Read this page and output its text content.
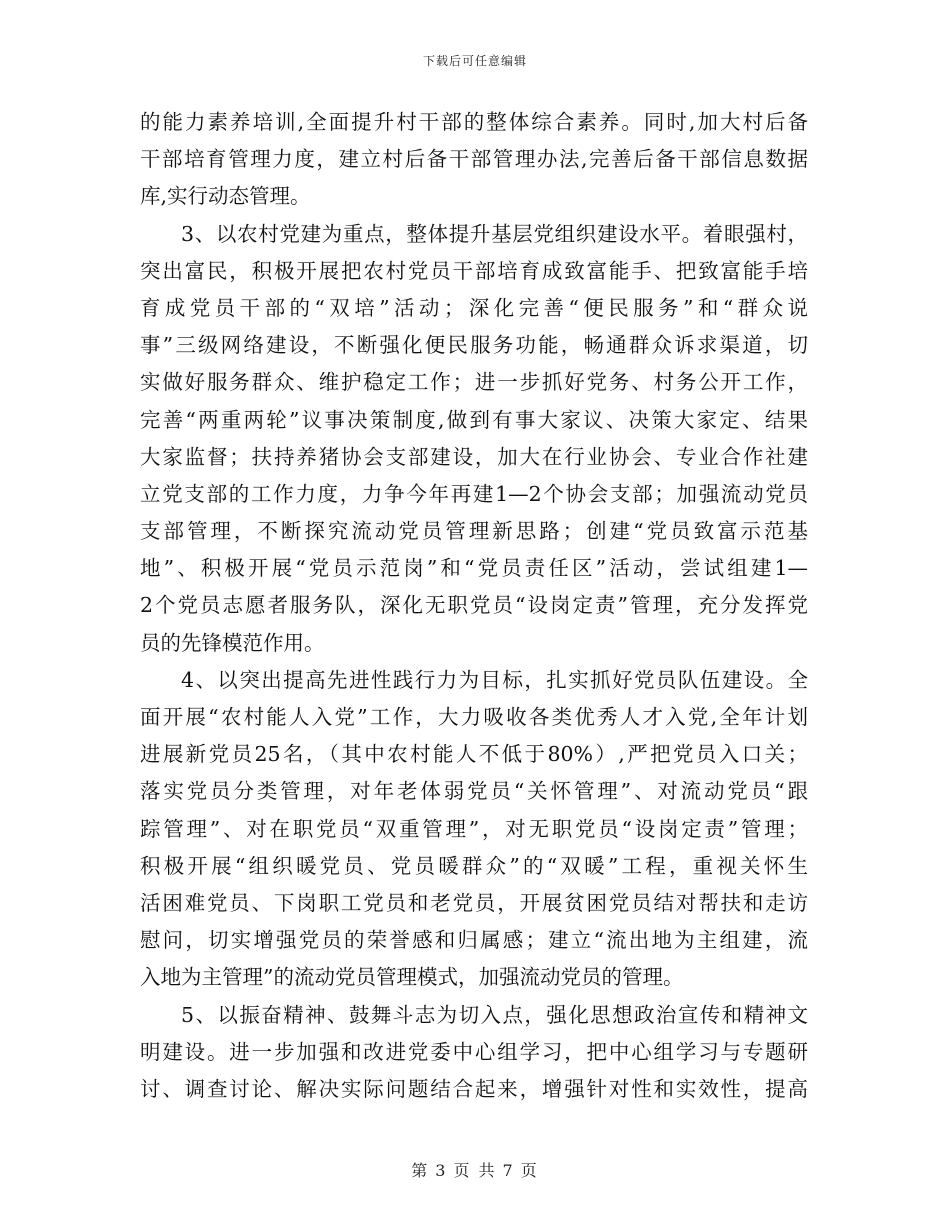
下载后可任意编辑
的能力素养培训,全面提升村干部的整体综合素养。同时,加大村后备
干部培育管理力度，建立村后备干部管理办法,完善后备干部信息数据
库,实行动态管理。
3、以农村党建为重点，整体提升基层党组织建设水平。着眼强村，
突出富民，积极开展把农村党员干部培育成致富能手、把致富能手培
育成党员干部的“双培”活动；深化完善“便民服务”和“群众说
事”三级网络建设，不断强化便民服务功能，畅通群众诉求渠道，切
实做好服务群众、维护稳定工作；进一步抓好党务、村务公开工作，
完善“两重两轮”议事决策制度,做到有事大家议、决策大家定、结果
大家监督；扶持养猪协会支部建设，加大在行业协会、专业合作社建
立党支部的工作力度，力争今年再建1—2个协会支部；加强流动党员
支部管理，不断探究流动党员管理新思路；创建“党员致富示范基
地”、积极开展“党员示范岗”和“党员责任区”活动，尝试组建1—
2个党员志愿者服务队，深化无职党员“设岗定责”管理，充分发挥党
员的先锋模范作用。
4、以突出提高先进性践行力为目标，扎实抓好党员队伍建设。全
面开展“农村能人入党”工作，大力吸收各类优秀人才入党,全年计划
进展新党员25名，（其中农村能人不低于80%）,严把党员入口关；
落实党员分类管理，对年老体弱党员“关怀管理”、对流动党员“跟
踪管理”、对在职党员“双重管理”，对无职党员“设岗定责”管理；
积极开展“组织暖党员、党员暖群众”的“双暖”工程，重视关怀生
活困难党员、下岗职工党员和老党员，开展贫困党员结对帮扶和走访
慰问，切实增强党员的荣誉感和归属感；建立“流出地为主组建，流
入地为主管理”的流动党员管理模式，加强流动党员的管理。
5、以振奋精神、鼓舞斗志为切入点，强化思想政治宣传和精神文
明建设。进一步加强和改进党委中心组学习，把中心组学习与专题研
讨、调查讨论、解决实际问题结合起来，增强针对性和实效性，提高
第 3 页 共 7 页
